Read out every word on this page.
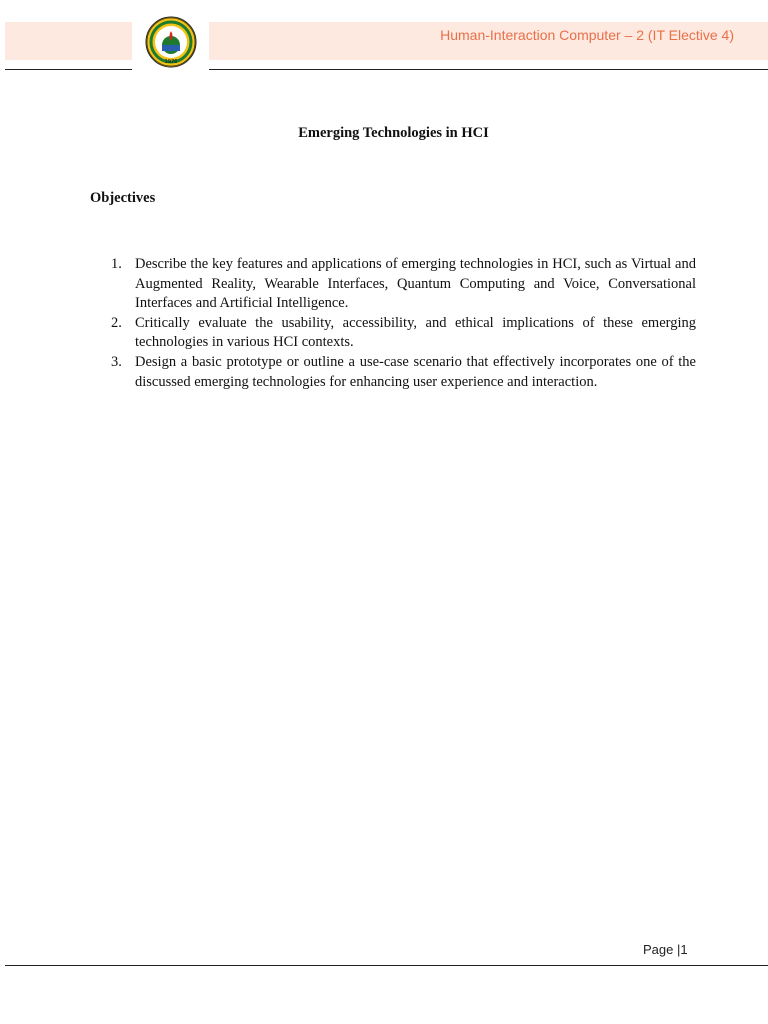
Human-Interaction Computer – 2 (IT Elective 4)
1976
Emerging Technologies in HCI
Objectives
1. Describe the key features and applications of emerging technologies in HCI, such as Virtual and Augmented Reality, Wearable Interfaces, Quantum Computing and Voice, Conversational Interfaces and Artificial Intelligence.
2. Critically evaluate the usability, accessibility, and ethical implications of these emerging technologies in various HCI contexts.
3. Design a basic prototype or outline a use-case scenario that effectively incorporates one of the discussed emerging technologies for enhancing user experience and interaction.
Page |1
